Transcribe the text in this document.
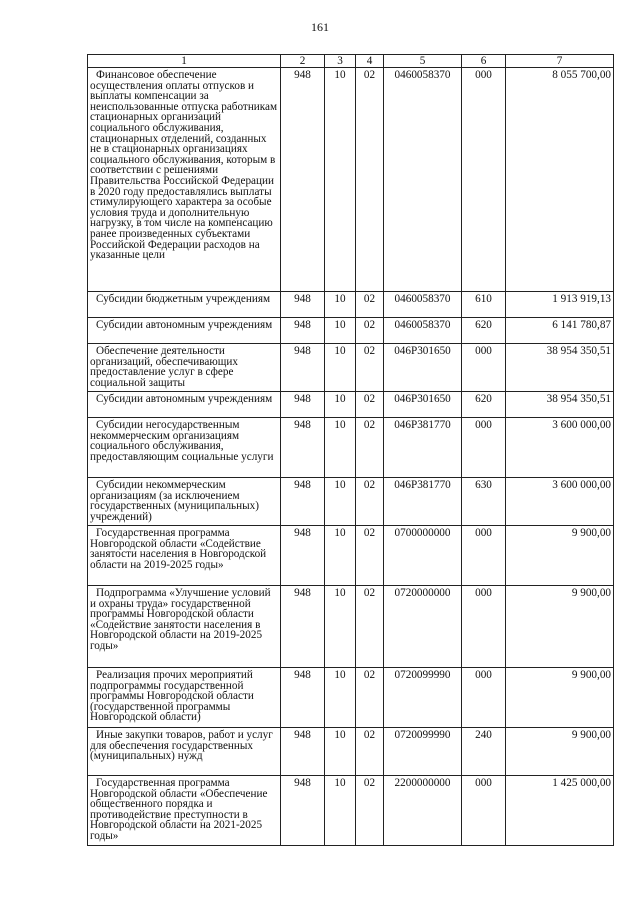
161
1	2	3	4	5	6	7
Финансовое обеспечение осуществления оплаты отпусков и выплаты компенсации за неиспользованные отпуска работникам стационарных организаций социального обслуживания, стационарных отделений, созданных не в стационарных организациях социального обслуживания, которым в соответствии с решениями Правительства Российской Федерации в 2020 году предоставлялись выплаты стимулирующего характера за особые условия труда и дополнительную нагрузку, в том числе на компенсацию ранее произведенных субъектами Российской Федерации расходов на указанные цели	948	10	02	0460058370	000	8 055 700,00
Субсидии бюджетным учреждениям	948	10	02	0460058370	610	1 913 919,13
Субсидии автономным учреждениям	948	10	02	0460058370	620	6 141 780,87
Обеспечение деятельности организаций, обеспечивающих предоставление услуг в сфере социальной защиты	948	10	02	046P301650	000	38 954 350,51
Субсидии автономным учреждениям	948	10	02	046P301650	620	38 954 350,51
Субсидии негосударственным некоммерческим организациям социального обслуживания, предоставляющим социальные услуги	948	10	02	046P381770	000	3 600 000,00
Субсидии некоммерческим организациям (за исключением государственных (муниципальных) учреждений)	948	10	02	046P381770	630	3 600 000,00
Государственная программа Новгородской области «Содействие занятости населения в Новгородской области на 2019-2025 годы»	948	10	02	0700000000	000	9 900,00
Подпрограмма «Улучшение условий и охраны труда» государственной программы Новгородской области «Содействие занятости населения в Новгородской области на 2019-2025 годы»	948	10	02	0720000000	000	9 900,00
Реализация прочих мероприятий подпрограммы государственной программы Новгородской области (государственной программы Новгородской области)	948	10	02	0720099990	000	9 900,00
Иные закупки товаров, работ и услуг для обеспечения государственных (муниципальных) нужд	948	10	02	0720099990	240	9 900,00
Государственная программа Новгородской области «Обеспечение общественного порядка и противодействие преступности в Новгородской области на 2021-2025 годы»	948	10	02	2200000000	000	1 425 000,00
